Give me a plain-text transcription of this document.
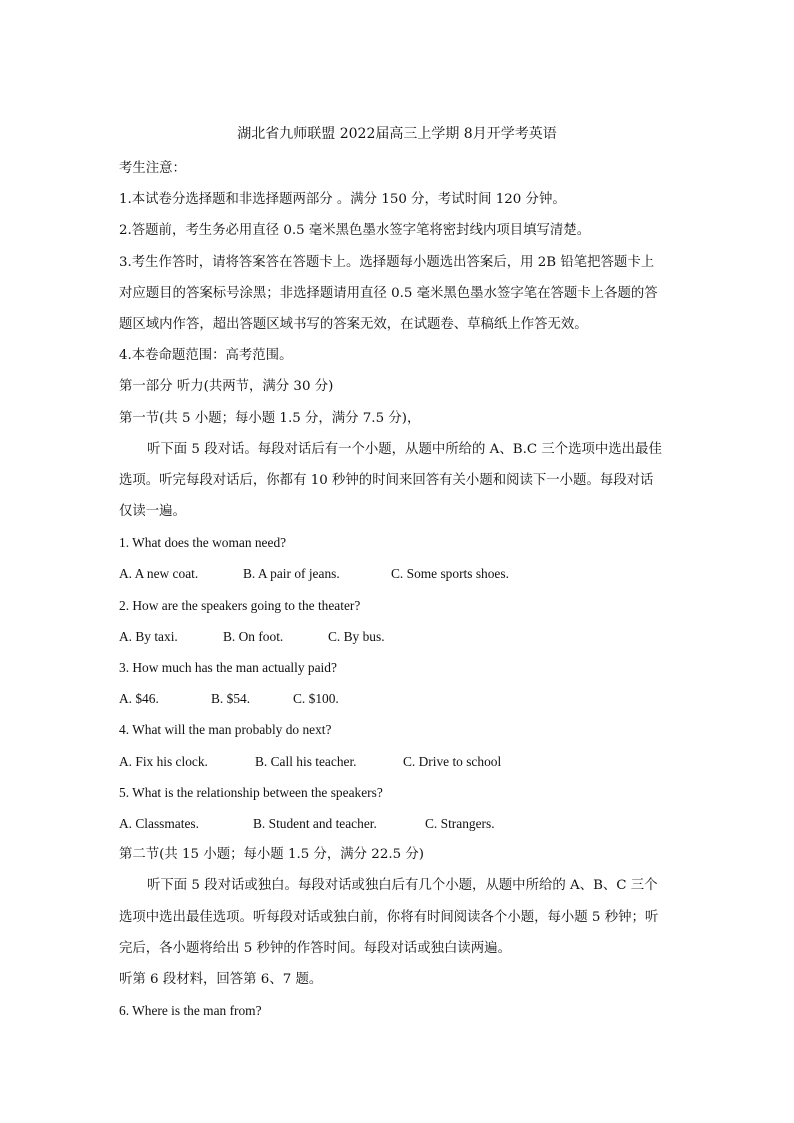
湖北省九师联盟 2022届高三上学期 8月开学考英语
考生注意：
1.本试卷分选择题和非选择题两部分 。满分 150 分，考试时间 120 分钟。
2.答题前，考生务必用直径 0.5 毫米黑色墨水签字笔将密封线内项目填写清楚。
3.考生作答时，请将答案答在答题卡上。选择题每小题选出答案后，用 2B 铅笔把答题卡上
对应题目的答案标号涂黑；非选择题请用直径 0.5 毫米黑色墨水签字笔在答题卡上各题的答
题区域内作答，超出答题区域书写的答案无效，在试题卷、草稿纸上作答无效。
4.本卷命题范围：高考范围。
第一部分 听力(共两节，满分 30 分)
第一节(共 5 小题；每小题 1.5 分，满分 7.5 分)，
听下面 5 段对话。每段对话后有一个小题，从题中所给的 A、B.C 三个选项中选出最佳
选项。听完每段对话后，你都有 10 秒钟的时间来回答有关小题和阅读下一小题。每段对话
仅读一遍。
1. What does the woman need?
A. A new coat.	B. A pair of jeans.	C. Some sports shoes.
2. How are the speakers going to the theater?
A. By taxi.	B. On foot.	C. By bus.
3. How much has the man actually paid?
A. $46.	B. $54.	C. $100.
4. What will the man probably do next?
A. Fix his clock.	B. Call his teacher.	C. Drive to school
5. What is the relationship between the speakers?
A. Classmates.	B. Student and teacher.	C. Strangers.
第二节(共 15 小题；每小题 1.5 分，满分 22.5 分)
听下面 5 段对话或独白。每段对话或独白后有几个小题，从题中所给的 A、B、C 三个
选项中选出最佳选项。听每段对话或独白前，你将有时间阅读各个小题，每小题 5 秒钟；听
完后，各小题将给出 5 秒钟的作答时间。每段对话或独白读两遍。
听第 6 段材料，回答第 6、7 题。
6. Where is the man from?
